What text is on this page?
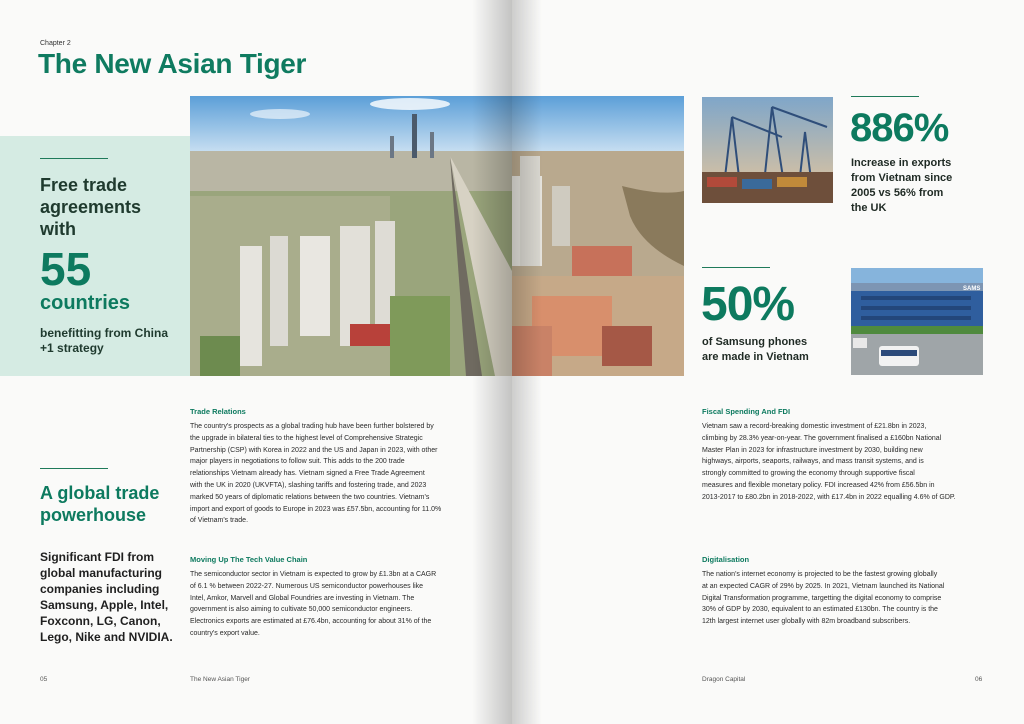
Chapter 2
The New Asian Tiger
Free trade agreements with
55
countries
benefitting from China +1 strategy
A global trade powerhouse
Significant FDI from global manufacturing companies including Samsung, Apple, Intel, Foxconn, LG, Canon, Lego, Nike and NVIDIA.
Trade Relations
The country's prospects as a global trading hub have been further bolstered by
the upgrade in bilateral ties to the highest level of Comprehensive Strategic
Partnership (CSP) with Korea in 2022 and the US and Japan in 2023, with other
major players in negotiations to follow suit. This adds to the 200 trade
relationships Vietnam already has. Vietnam signed a Free Trade Agreement
with the UK in 2020 (UKVFTA), slashing tariffs and fostering trade, and 2023
marked 50 years of diplomatic relations between the two countries. Vietnam's
import and export of goods to Europe in 2023 was £57.5bn, accounting for 11.0%
of Vietnam's trade.
Moving Up The Tech Value Chain
The semiconductor sector in Vietnam is expected to grow by £1.3bn at a CAGR
of 6.1 % between 2022-27. Numerous US semiconductor powerhouses like
Intel, Amkor, Marvell and Global Foundries are investing in Vietnam. The
government is also aiming to cultivate 50,000 semiconductor engineers.
Electronics exports are estimated at £76.4bn, accounting for about 31% of the
country's export value.
05	The New Asian Tiger
886%
Increase in exports
from Vietnam since
2005 vs 56% from
the UK
50%
of Samsung phones
are made in Vietnam
SAMS
Fiscal Spending And FDI
Vietnam saw a record-breaking domestic investment of £21.8bn in 2023,
climbing by 28.3% year-on-year. The government finalised a £160bn National
Master Plan in 2023 for infrastructure investment by 2030, building new
highways, airports, seaports, railways, and mass transit systems, and is
strongly committed to growing the economy through supportive fiscal
measures and flexible monetary policy. FDI increased 42% from £56.5bn in
2013-2017 to £80.2bn in 2018-2022, with £17.4bn in 2022 equalling 4.6% of GDP.
Digitalisation
The nation's internet economy is projected to be the fastest growing globally
at an expected CAGR of 29% by 2025. In 2021, Vietnam launched its National
Digital Transformation programme, targetting the digital economy to comprise
30% of GDP by 2030, equivalent to an estimated £130bn. The country is the
12th largest internet user globally with 82m broadband subscribers.
Dragon Capital	06
